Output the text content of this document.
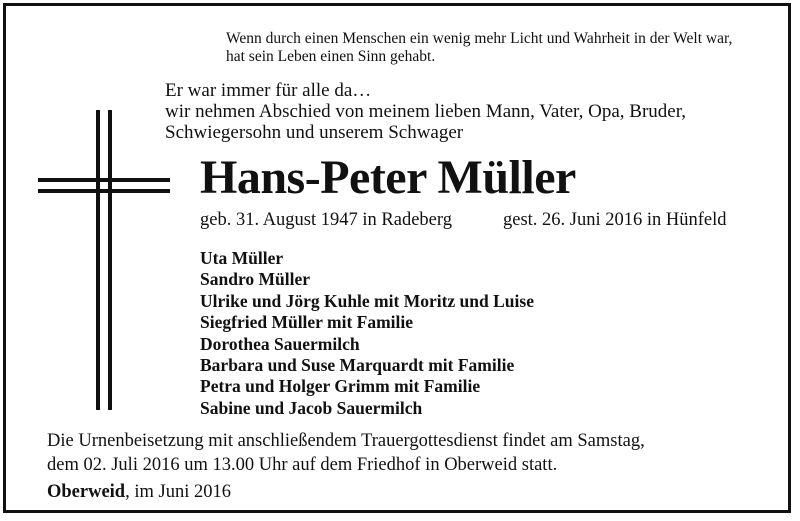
Wenn durch einen Menschen ein wenig mehr Licht und Wahrheit in der Welt war,
hat sein Leben einen Sinn gehabt.
Er war immer für alle da…
wir nehmen Abschied von meinem lieben Mann, Vater, Opa, Bruder,
Schwiegersohn und unserem Schwager
Hans-Peter Müller
geb. 31. August 1947 in Radeberg	gest. 26. Juni 2016 in Hünfeld
Uta Müller
Sandro Müller
Ulrike und Jörg Kuhle mit Moritz und Luise
Siegfried Müller mit Familie
Dorothea Sauermilch
Barbara und Suse Marquardt mit Familie
Petra und Holger Grimm mit Familie
Sabine und Jacob Sauermilch
Die Urnenbeisetzung mit anschließendem Trauergottesdienst findet am Samstag,
dem 02. Juli 2016 um 13.00 Uhr auf dem Friedhof in Oberweid statt.
Oberweid, im Juni 2016
